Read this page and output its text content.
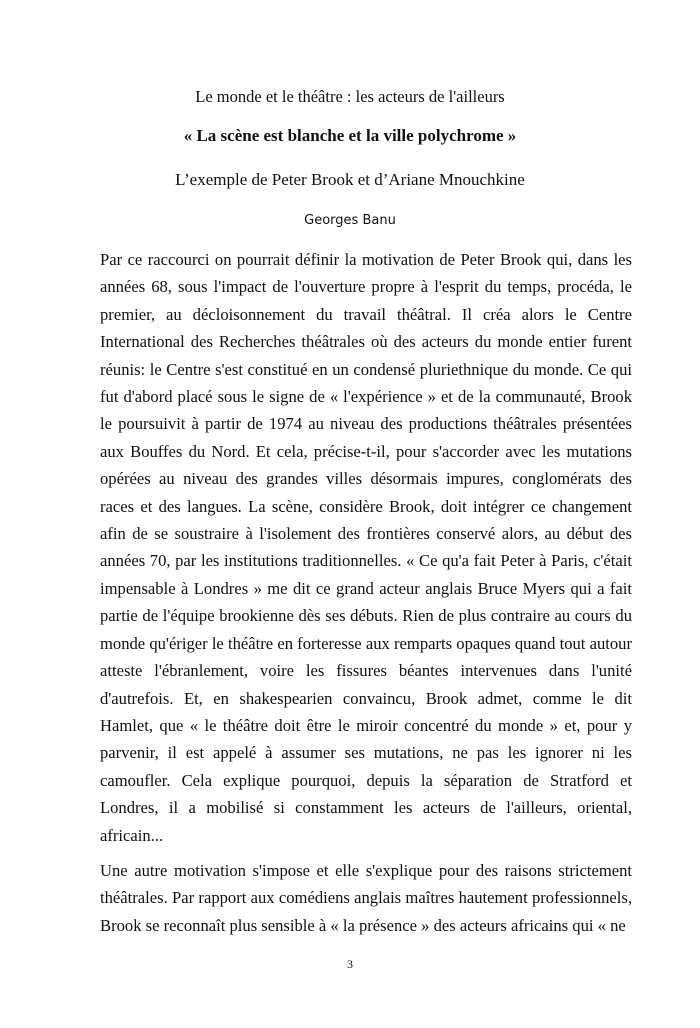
Le monde et le théâtre : les acteurs de l'ailleurs
« La scène est blanche et la ville polychrome »
L’exemple de Peter Brook et d’Ariane Mnouchkine
Georges Banu

Par ce raccourci on pourrait définir la motivation de Peter Brook qui, dans les années 68, sous l'impact de l'ouverture propre à l'esprit du temps, procéda, le premier, au décloisonnement du travail théâtral. Il créa alors le Centre International des Recherches théâtrales où des acteurs du monde entier furent réunis: le Centre s'est constitué en un condensé pluriethnique du monde. Ce qui fut d'abord placé sous le signe de « l'expérience » et de la communauté, Brook le poursuivit à partir de 1974 au niveau des productions théâtrales présentées aux Bouffes du Nord. Et cela, précise-t-il, pour s'accorder avec les mutations opérées au niveau des grandes villes désormais impures, conglomérats des races et des langues. La scène, considère Brook, doit intégrer ce changement afin de se soustraire à l'isolement des frontières conservé alors, au début des années 70, par les institutions traditionnelles. « Ce qu'a fait Peter à Paris, c'était impensable à Londres » me dit ce grand acteur anglais Bruce Myers qui a fait partie de l'équipe brookienne dès ses débuts. Rien de plus contraire au cours du monde qu'ériger le théâtre en forteresse aux remparts opaques quand tout autour atteste l'ébranlement, voire les fissures béantes intervenues dans l'unité d'autrefois. Et, en shakespearien convaincu, Brook admet, comme le dit Hamlet, que « le théâtre doit être le miroir concentré du monde » et, pour y parvenir, il est appelé à assumer ses mutations, ne pas les ignorer ni les camoufler. Cela explique pourquoi, depuis la séparation de Stratford et Londres, il a mobilisé si constamment les acteurs de l'ailleurs, oriental, africain...

Une autre motivation s'impose et elle s'explique pour des raisons strictement théâtrales. Par rapport aux comédiens anglais maîtres hautement professionnels, Brook se reconnaît plus sensible à « la présence » des acteurs africains qui « ne

3
